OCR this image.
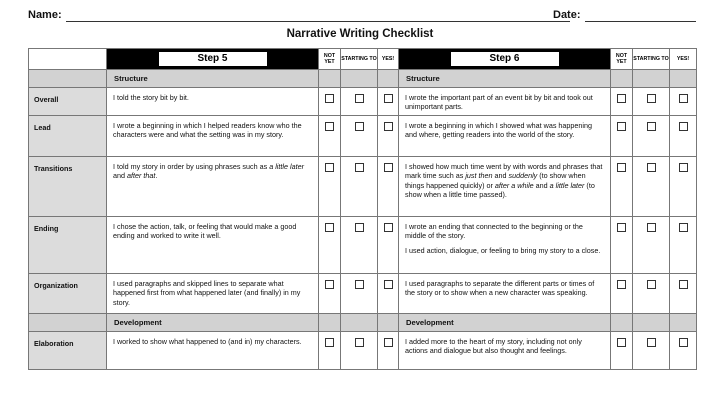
Name:	Date:
Narrative Writing Checklist
	Step 5	NOT YET	STARTING TO	YES!	Step 6	NOT YET	STARTING TO	YES!
	Structure				Structure			
Overall	I told the story bit by bit.				I wrote the important part of an event bit by bit and took out unimportant parts.			
Lead	I wrote a beginning in which I helped readers know who the characters were and what the setting was in my story.				I wrote a beginning in which I showed what was happening and where, getting readers into the world of the story.			
Transitions	I told my story in order by using phrases such as a little later and after that.				I showed how much time went by with words and phrases that mark time such as just then and suddenly (to show when things happened quickly) or after a while and a little later (to show when a little time passed).			
Ending	I chose the action, talk, or feeling that would make a good ending and worked to write it well.				I wrote an ending that connected to the beginning or the middle of the story.

I used action, dialogue, or feeling to bring my story to a close.			

Organization	I used paragraphs and skipped lines to separate what happened first from what happened later (and finally) in my story.				I used paragraphs to separate the different parts or times of the story or to show when a new character was speaking.			
	Development				Development			
Elaboration	I worked to show what happened to (and in) my characters.				I added more to the heart of my story, including not only actions and dialogue but also thought and feelings.			
